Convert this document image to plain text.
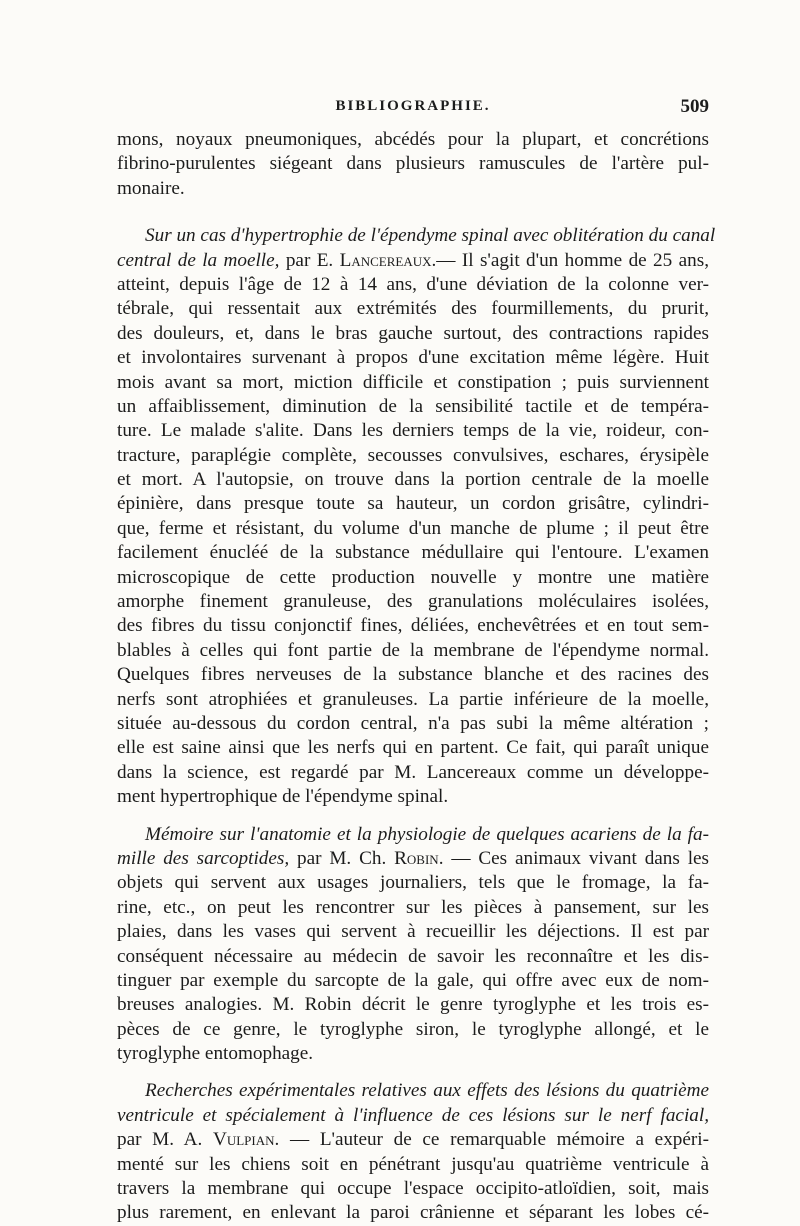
BIBLIOGRAPHIE.	509
mons, noyaux pneumoniques, abcédés pour la plupart, et concrétions
fibrino-purulentes siégeant dans plusieurs ramuscules de l'artère pul-
monaire.
Sur un cas d'hypertrophie de l'épendyme spinal avec oblitération du canal
central de la moelle, par E. Lancereaux.— Il s'agit d'un homme de 25 ans,
atteint, depuis l'âge de 12 à 14 ans, d'une déviation de la colonne ver-
tébrale, qui ressentait aux extrémités des fourmillements, du prurit,
des douleurs, et, dans le bras gauche surtout, des contractions rapides
et involontaires survenant à propos d'une excitation même légère. Huit
mois avant sa mort, miction difficile et constipation ; puis surviennent
un affaiblissement, diminution de la sensibilité tactile et de tempéra-
ture. Le malade s'alite. Dans les derniers temps de la vie, roideur, con-
tracture, paraplégie complète, secousses convulsives, eschares, érysipèle
et mort. A l'autopsie, on trouve dans la portion centrale de la moelle
épinière, dans presque toute sa hauteur, un cordon grisâtre, cylindri-
que, ferme et résistant, du volume d'un manche de plume ; il peut être
facilement énucléé de la substance médullaire qui l'entoure. L'examen
microscopique de cette production nouvelle y montre une matière
amorphe finement granuleuse, des granulations moléculaires isolées,
des fibres du tissu conjonctif fines, déliées, enchevêtrées et en tout sem-
blables à celles qui font partie de la membrane de l'épendyme normal.
Quelques fibres nerveuses de la substance blanche et des racines des
nerfs sont atrophiées et granuleuses. La partie inférieure de la moelle,
située au-dessous du cordon central, n'a pas subi la même altération ;
elle est saine ainsi que les nerfs qui en partent. Ce fait, qui paraît unique
dans la science, est regardé par M. Lancereaux comme un développe-
ment hypertrophique de l'épendyme spinal.
Mémoire sur l'anatomie et la physiologie de quelques acariens de la fa-
mille des sarcoptides, par M. Ch. Robin. — Ces animaux vivant dans les
objets qui servent aux usages journaliers, tels que le fromage, la fa-
rine, etc., on peut les rencontrer sur les pièces à pansement, sur les
plaies, dans les vases qui servent à recueillir les déjections. Il est par
conséquent nécessaire au médecin de savoir les reconnaître et les dis-
tinguer par exemple du sarcopte de la gale, qui offre avec eux de nom-
breuses analogies. M. Robin décrit le genre tyroglyphe et les trois es-
pèces de ce genre, le tyroglyphe siron, le tyroglyphe allongé, et le
tyroglyphe entomophage.
Recherches expérimentales relatives aux effets des lésions du quatrième
ventricule et spécialement à l'influence de ces lésions sur le nerf facial,
par M. A. Vulpian. — L'auteur de ce remarquable mémoire a expéri-
menté sur les chiens soit en pénétrant jusqu'au quatrième ventricule à
travers la membrane qui occupe l'espace occipito-atloïdien, soit, mais
plus rarement, en enlevant la paroi crânienne et séparant les lobes cé-
